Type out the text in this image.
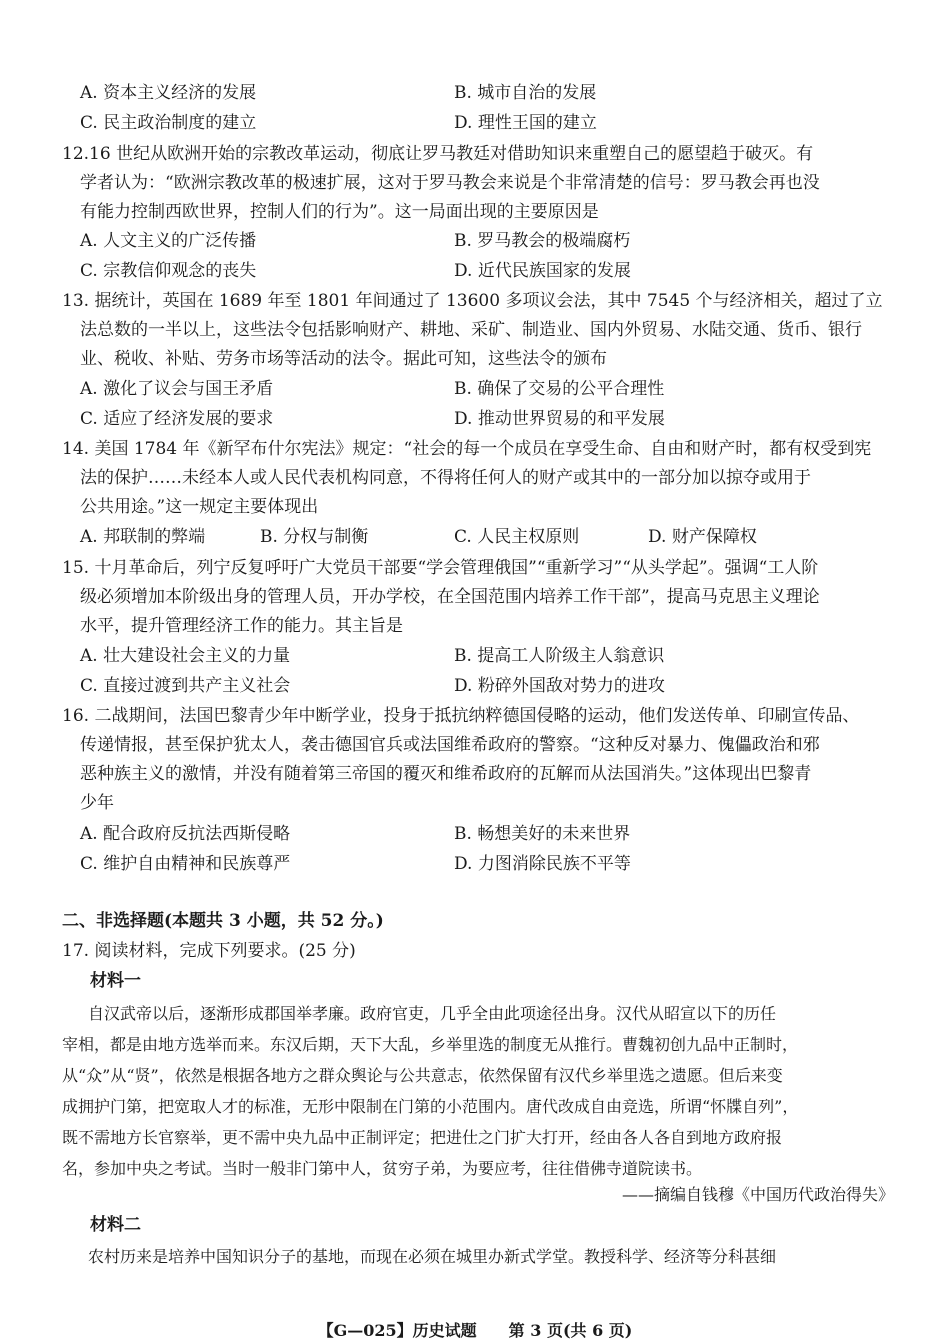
A. 资本主义经济的发展	B. 城市自治的发展
C. 民主政治制度的建立	D. 理性王国的建立
12.16 世纪从欧洲开始的宗教改革运动，彻底让罗马教廷对借助知识来重塑自己的愿望趋于破灭。有
学者认为：“欧洲宗教改革的极速扩展，这对于罗马教会来说是个非常清楚的信号：罗马教会再也没
有能力控制西欧世界，控制人们的行为”。这一局面出现的主要原因是
A. 人文主义的广泛传播	B. 罗马教会的极端腐朽
C. 宗教信仰观念的丧失	D. 近代民族国家的发展
13. 据统计，英国在 1689 年至 1801 年间通过了 13600 多项议会法，其中 7545 个与经济相关，超过了立
法总数的一半以上，这些法令包括影响财产、耕地、采矿、制造业、国内外贸易、水陆交通、货币、银行
业、税收、补贴、劳务市场等活动的法令。据此可知，这些法令的颁布
A. 激化了议会与国王矛盾	B. 确保了交易的公平合理性
C. 适应了经济发展的要求	D. 推动世界贸易的和平发展
14. 美国 1784 年《新罕布什尔宪法》规定：“社会的每一个成员在享受生命、自由和财产时，都有权受到宪
法的保护……未经本人或人民代表机构同意，不得将任何人的财产或其中的一部分加以掠夺或用于
公共用途。”这一规定主要体现出
A. 邦联制的弊端	B. 分权与制衡	C. 人民主权原则	D. 财产保障权
15. 十月革命后，列宁反复呼吁广大党员干部要“学会管理俄国”“重新学习”“从头学起”。强调“工人阶
级必须增加本阶级出身的管理人员，开办学校，在全国范围内培养工作干部”，提高马克思主义理论
水平，提升管理经济工作的能力。其主旨是
A. 壮大建设社会主义的力量	B. 提高工人阶级主人翁意识
C. 直接过渡到共产主义社会	D. 粉碎外国敌对势力的进攻
16. 二战期间，法国巴黎青少年中断学业，投身于抵抗纳粹德国侵略的运动，他们发送传单、印刷宣传品、
传递情报，甚至保护犹太人，袭击德国官兵或法国维希政府的警察。“这种反对暴力、傀儡政治和邪
恶种族主义的激情，并没有随着第三帝国的覆灭和维希政府的瓦解而从法国消失。”这体现出巴黎青
少年
A. 配合政府反抗法西斯侵略	B. 畅想美好的未来世界
C. 维护自由精神和民族尊严	D. 力图消除民族不平等
二、非选择题(本题共 3 小题，共 52 分。)
17. 阅读材料，完成下列要求。(25 分)
材料一
自汉武帝以后，逐渐形成郡国举孝廉。政府官吏，几乎全由此项途径出身。汉代从昭宣以下的历任
宰相，都是由地方选举而来。东汉后期，天下大乱，乡举里选的制度无从推行。曹魏初创九品中正制时，
从“众”从“贤”，依然是根据各地方之群众舆论与公共意志，依然保留有汉代乡举里选之遗愿。但后来变
成拥护门第，把宽取人才的标准，无形中限制在门第的小范围内。唐代改成自由竞选，所谓“怀牒自列”，
既不需地方长官察举，更不需中央九品中正制评定；把进仕之门扩大打开，经由各人各自到地方政府报
名，参加中央之考试。当时一般非门第中人，贫穷子弟，为要应考，往往借佛寺道院读书。
——摘编自钱穆《中国历代政治得失》
材料二
农村历来是培养中国知识分子的基地，而现在必须在城里办新式学堂。教授科学、经济等分科甚细
【G—025】历史试题　　第 3 页(共 6 页)
